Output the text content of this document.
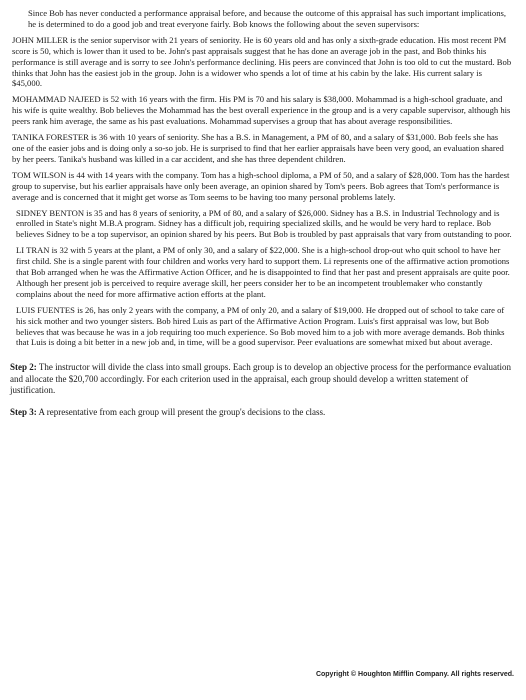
Since Bob has never conducted a performance appraisal before, and because the outcome of this appraisal has such important implications, he is determined to do a good job and treat everyone fairly. Bob knows the following about the seven supervisors:

JOHN MILLER is the senior supervisor with 21 years of seniority. He is 60 years old and has only a sixth-grade education. His most recent PM score is 50, which is lower than it used to be. John's past appraisals suggest that he has done an average job in the past, and Bob thinks his performance is still average and is sorry to see John's performance declining. His peers are convinced that John is too old to cut the mustard. Bob thinks that John has the easiest job in the group. John is a widower who spends a lot of time at his cabin by the lake. His current salary is $45,000.

MOHAMMAD NAJEED is 52 with 16 years with the firm. His PM is 70 and his salary is $38,000. Mohammad is a high-school graduate, and his wife is quite wealthy. Bob believes the Mohammad has the best overall experience in the group and is a very capable supervisor, although his peers rank him average, the same as his past evaluations. Mohammad supervises a group that has about average responsibilities.

TANIKA FORESTER is 36 with 10 years of seniority. She has a B.S. in Management, a PM of 80, and a salary of $31,000. Bob feels she has one of the easier jobs and is doing only a so-so job. He is surprised to find that her earlier appraisals have been very good, an evaluation shared by her peers. Tanika's husband was killed in a car accident, and she has three dependent children.

TOM WILSON is 44 with 14 years with the company. Tom has a high-school diploma, a PM of 50, and a salary of $28,000. Tom has the hardest group to supervise, but his earlier appraisals have only been average, an opinion shared by Tom's peers. Bob agrees that Tom's performance is average and is concerned that it might get worse as Tom seems to be having too many personal problems lately.

SIDNEY BENTON is 35 and has 8 years of seniority, a PM of 80, and a salary of $26,000. Sidney has a B.S. in Industrial Technology and is enrolled in State's night M.B.A program. Sidney has a difficult job, requiring specialized skills, and he would be very hard to replace. Bob believes Sidney to be a top supervisor, an opinion shared by his peers. But Bob is troubled by past appraisals that vary from outstanding to poor.

LI TRAN is 32 with 5 years at the plant, a PM of only 30, and a salary of $22,000. She is a high-school drop-out who quit school to have her first child. She is a single parent with four children and works very hard to support them. Li represents one of the affirmative action promotions that Bob arranged when he was the Affirmative Action Officer, and he is disappointed to find that her past and present appraisals are quite poor. Although her present job is perceived to require average skill, her peers consider her to be an incompetent troublemaker who constantly complains about the need for more affirmative action efforts at the plant.

LUIS FUENTES is 26, has only 2 years with the company, a PM of only 20, and a salary of $19,000. He dropped out of school to take care of his sick mother and two younger sisters. Bob hired Luis as part of the Affirmative Action Program. Luis's first appraisal was low, but Bob believes that was because he was in a job requiring too much experience. So Bob moved him to a job with more average demands. Bob thinks that Luis is doing a bit better in a new job and, in time, will be a good supervisor. Peer evaluations are somewhat mixed but about average.

Step 2: The instructor will divide the class into small groups. Each group is to develop an objective process for the performance evaluation and allocate the $20,700 accordingly. For each criterion used in the appraisal, each group should develop a written statement of justification.

Step 3: A representative from each group will present the group's decisions to the class.

Copyright © Houghton Mifflin Company. All rights reserved.
